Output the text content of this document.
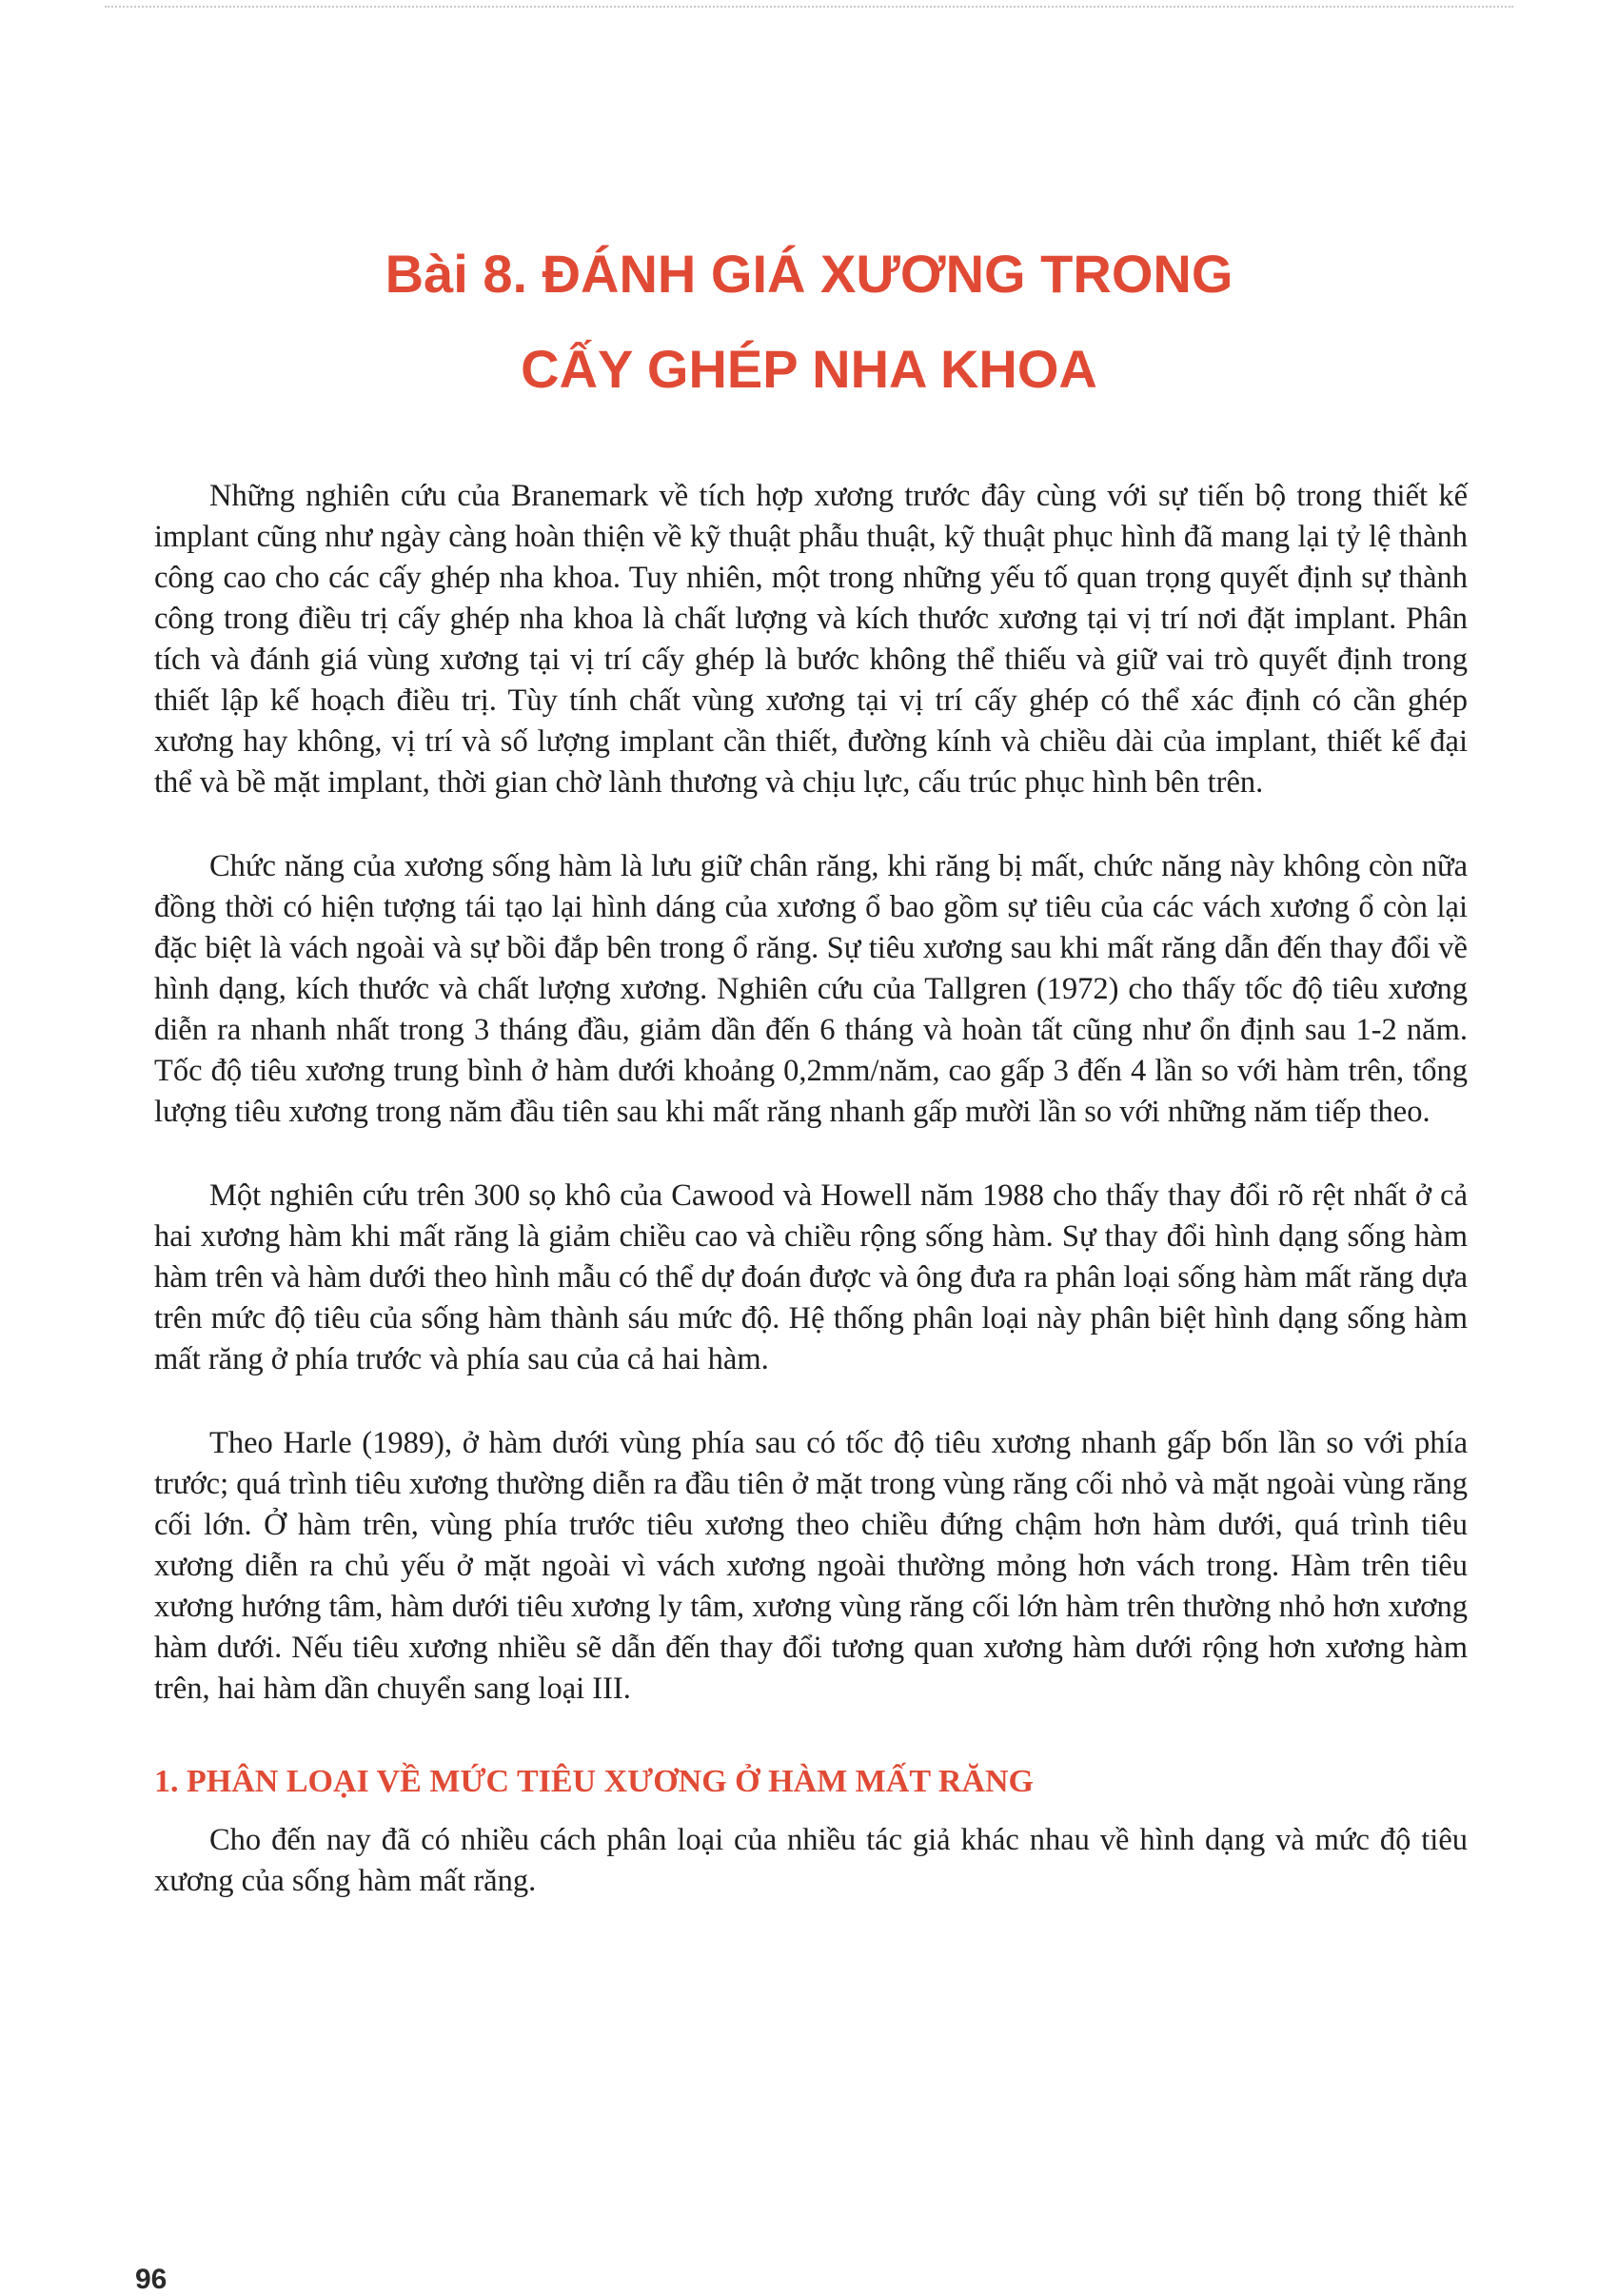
Bài 8. ĐÁNH GIÁ XƯƠNG TRONG
CẤY GHÉP NHA KHOA

Những nghiên cứu của Branemark về tích hợp xương trước đây cùng với sự tiến bộ trong thiết kế implant cũng như ngày càng hoàn thiện về kỹ thuật phẫu thuật, kỹ thuật phục hình đã mang lại tỷ lệ thành công cao cho các cấy ghép nha khoa. Tuy nhiên, một trong những yếu tố quan trọng quyết định sự thành công trong điều trị cấy ghép nha khoa là chất lượng và kích thước xương tại vị trí nơi đặt implant. Phân tích và đánh giá vùng xương tại vị trí cấy ghép là bước không thể thiếu và giữ vai trò quyết định trong thiết lập kế hoạch điều trị. Tùy tính chất vùng xương tại vị trí cấy ghép có thể xác định có cần ghép xương hay không, vị trí và số lượng implant cần thiết, đường kính và chiều dài của implant, thiết kế đại thể và bề mặt implant, thời gian chờ lành thương và chịu lực, cấu trúc phục hình bên trên.

Chức năng của xương sống hàm là lưu giữ chân răng, khi răng bị mất, chức năng này không còn nữa đồng thời có hiện tượng tái tạo lại hình dáng của xương ổ bao gồm sự tiêu của các vách xương ổ còn lại đặc biệt là vách ngoài và sự bồi đắp bên trong ổ răng. Sự tiêu xương sau khi mất răng dẫn đến thay đổi về hình dạng, kích thước và chất lượng xương. Nghiên cứu của Tallgren (1972) cho thấy tốc độ tiêu xương diễn ra nhanh nhất trong 3 tháng đầu, giảm dần đến 6 tháng và hoàn tất cũng như ổn định sau 1-2 năm. Tốc độ tiêu xương trung bình ở hàm dưới khoảng 0,2mm/năm, cao gấp 3 đến 4 lần so với hàm trên, tổng lượng tiêu xương trong năm đầu tiên sau khi mất răng nhanh gấp mười lần so với những năm tiếp theo.

Một nghiên cứu trên 300 sọ khô của Cawood và Howell năm 1988 cho thấy thay đổi rõ rệt nhất ở cả hai xương hàm khi mất răng là giảm chiều cao và chiều rộng sống hàm. Sự thay đổi hình dạng sống hàm hàm trên và hàm dưới theo hình mẫu có thể dự đoán được và ông đưa ra phân loại sống hàm mất răng dựa trên mức độ tiêu của sống hàm thành sáu mức độ. Hệ thống phân loại này phân biệt hình dạng sống hàm mất răng ở phía trước và phía sau của cả hai hàm.

Theo Harle (1989), ở hàm dưới vùng phía sau có tốc độ tiêu xương nhanh gấp bốn lần so với phía trước; quá trình tiêu xương thường diễn ra đầu tiên ở mặt trong vùng răng cối nhỏ và mặt ngoài vùng răng cối lớn. Ở hàm trên, vùng phía trước tiêu xương theo chiều đứng chậm hơn hàm dưới, quá trình tiêu xương diễn ra chủ yếu ở mặt ngoài vì vách xương ngoài thường mỏng hơn vách trong. Hàm trên tiêu xương hướng tâm, hàm dưới tiêu xương ly tâm, xương vùng răng cối lớn hàm trên thường nhỏ hơn xương hàm dưới. Nếu tiêu xương nhiều sẽ dẫn đến thay đổi tương quan xương hàm dưới rộng hơn xương hàm trên, hai hàm dần chuyển sang loại III.

1. PHÂN LOẠI VỀ MỨC TIÊU XƯƠNG Ở HÀM MẤT RĂNG

Cho đến nay đã có nhiều cách phân loại của nhiều tác giả khác nhau về hình dạng và mức độ tiêu xương của sống hàm mất răng.

96
